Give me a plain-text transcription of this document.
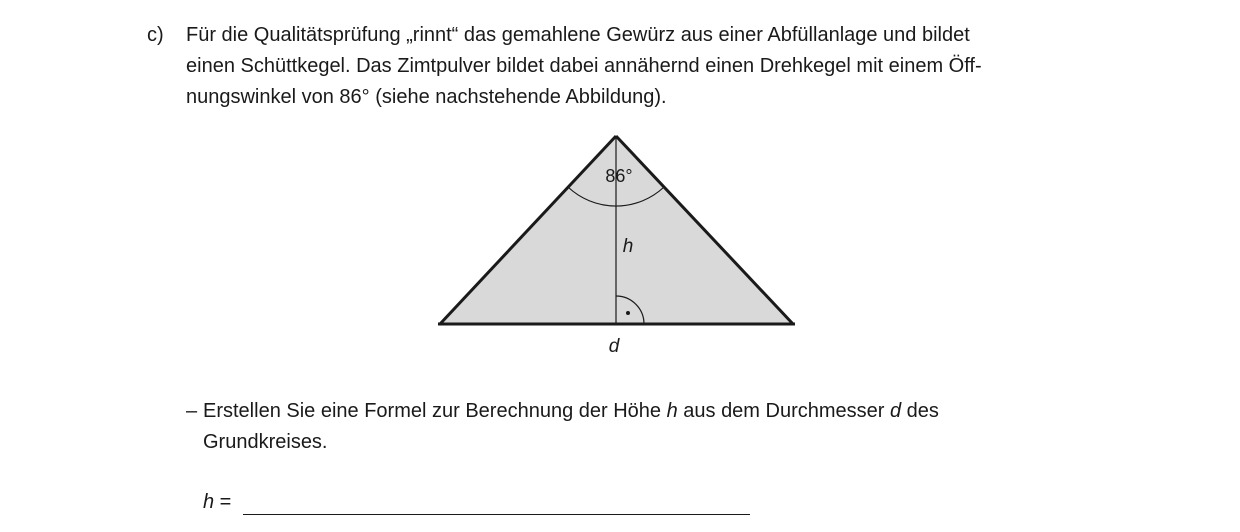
c) Für die Qualitätsprüfung „rinnt“ das gemahlene Gewürz aus einer Abfüllanlage und bildet
einen Schüttkegel. Das Zimtpulver bildet dabei annähernd einen Drehkegel mit einem Öff-
nungswinkel von 86° (siehe nachstehende Abbildung).
86°
h
d
– Erstellen Sie eine Formel zur Berechnung der Höhe h aus dem Durchmesser d des
Grundkreises.
h =
